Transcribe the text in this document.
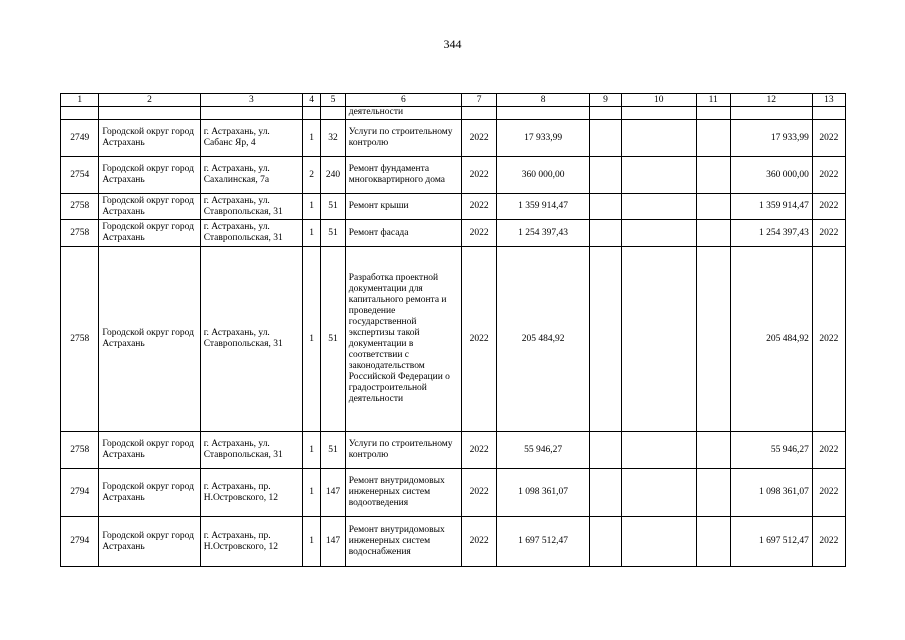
344
1	2	3	4	5	6	7	8	9	10	11	12	13
					деятельности							
2749	Городской округ город Астрахань	г. Астрахань, ул. Сабанс Яр, 4	1	32	Услуги по строительному контролю	2022	17 933,99				17 933,99	2022
2754	Городской округ город Астрахань	г. Астрахань, ул. Сахалинская, 7а	2	240	Ремонт фундамента многоквартирного дома	2022	360 000,00				360 000,00	2022
2758	Городской округ город Астрахань	г. Астрахань, ул. Ставропольская, 31	1	51	Ремонт крыши	2022	1 359 914,47				1 359 914,47	2022
2758	Городской округ город Астрахань	г. Астрахань, ул. Ставропольская, 31	1	51	Ремонт фасада	2022	1 254 397,43				1 254 397,43	2022
2758	Городской округ город Астрахань	г. Астрахань, ул. Ставропольская, 31	1	51	Разработка проектной документации для капитального ремонта и проведение государственной экспертизы такой документации в соответствии с законодательством Российской Федерации о градостроительной деятельности	2022	205 484,92				205 484,92	2022
2758	Городской округ город Астрахань	г. Астрахань, ул. Ставропольская, 31	1	51	Услуги по строительному контролю	2022	55 946,27				55 946,27	2022
2794	Городской округ город Астрахань	г. Астрахань, пр. Н.Островского, 12	1	147	Ремонт внутридомовых инженерных систем водоотведения	2022	1 098 361,07				1 098 361,07	2022
2794	Городской округ город Астрахань	г. Астрахань, пр. Н.Островского, 12	1	147	Ремонт внутридомовых инженерных систем водоснабжения	2022	1 697 512,47				1 697 512,47	2022
